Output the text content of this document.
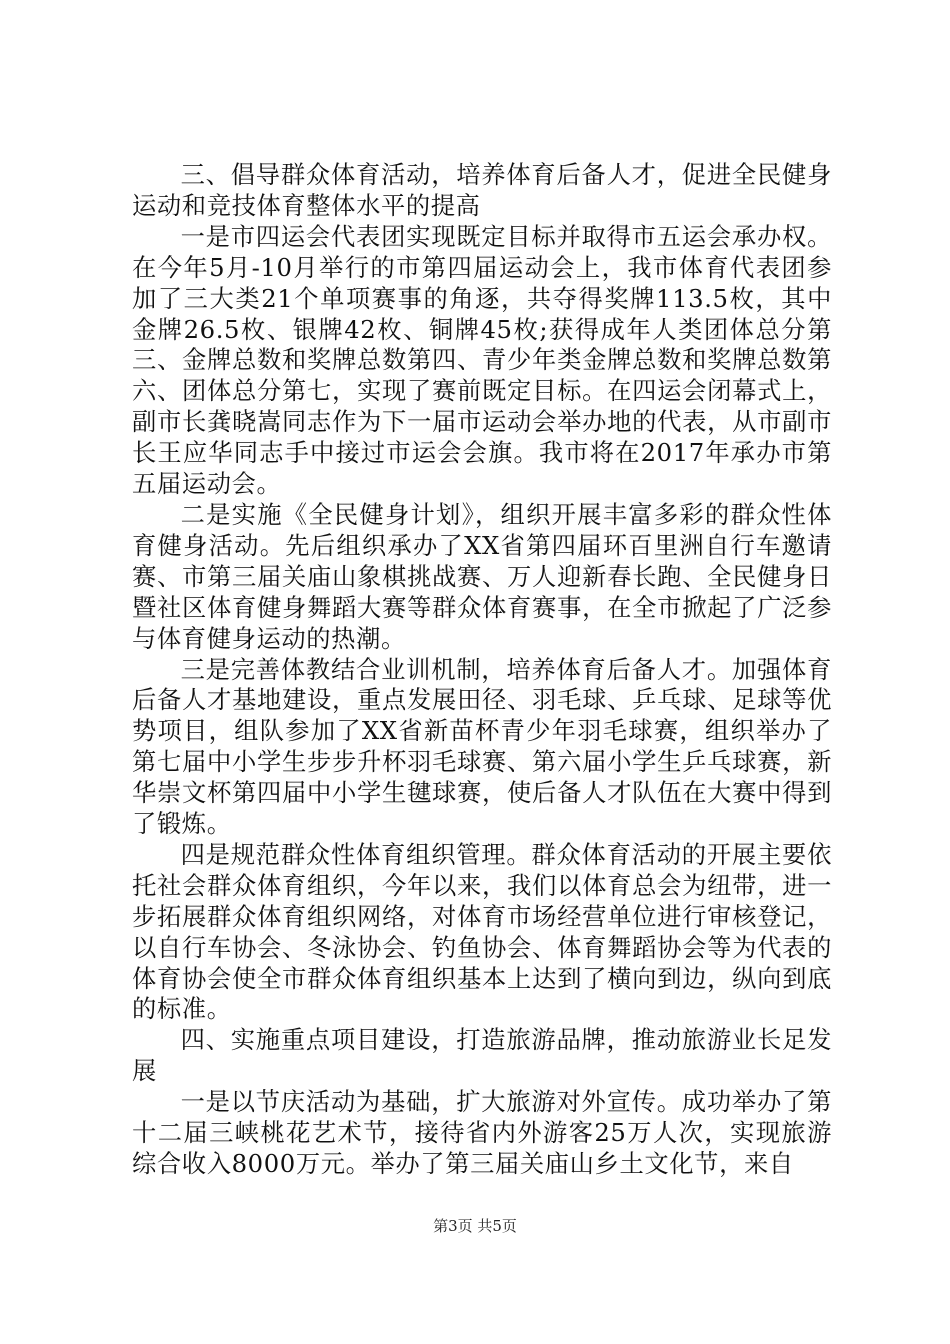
三、倡导群众体育活动，培养体育后备人才，促进全民健身运动和竞技体育整体水平的提高

一是市四运会代表团实现既定目标并取得市五运会承办权。在今年5月-10月举行的市第四届运动会上，我市体育代表团参加了三大类21个单项赛事的角逐，共夺得奖牌113.5枚，其中金牌26.5枚、银牌42枚、铜牌45枚;获得成年人类团体总分第三、金牌总数和奖牌总数第四、青少年类金牌总数和奖牌总数第六、团体总分第七，实现了赛前既定目标。在四运会闭幕式上，副市长龚晓嵩同志作为下一届市运动会举办地的代表，从市副市长王应华同志手中接过市运会会旗。我市将在2017年承办市第五届运动会。

二是实施《全民健身计划》，组织开展丰富多彩的群众性体育健身活动。先后组织承办了XX省第四届环百里洲自行车邀请赛、市第三届关庙山象棋挑战赛、万人迎新春长跑、全民健身日暨社区体育健身舞蹈大赛等群众体育赛事，在全市掀起了广泛参与体育健身运动的热潮。

三是完善体教结合业训机制，培养体育后备人才。加强体育后备人才基地建设，重点发展田径、羽毛球、乒乓球、足球等优势项目，组队参加了XX省新苗杯青少年羽毛球赛，组织举办了第七届中小学生步步升杯羽毛球赛、第六届小学生乒乓球赛，新华崇文杯第四届中小学生毽球赛，使后备人才队伍在大赛中得到了锻炼。

四是规范群众性体育组织管理。群众体育活动的开展主要依托社会群众体育组织，今年以来，我们以体育总会为纽带，进一步拓展群众体育组织网络，对体育市场经营单位进行审核登记，以自行车协会、冬泳协会、钓鱼协会、体育舞蹈协会等为代表的体育协会使全市群众体育组织基本上达到了横向到边，纵向到底的标准。

四、实施重点项目建设，打造旅游品牌，推动旅游业长足发展

一是以节庆活动为基础，扩大旅游对外宣传。成功举办了第十二届三峡桃花艺术节，接待省内外游客25万人次，实现旅游综合收入8000万元。举办了第三届关庙山乡土文化节，来自

第3页 共5页
